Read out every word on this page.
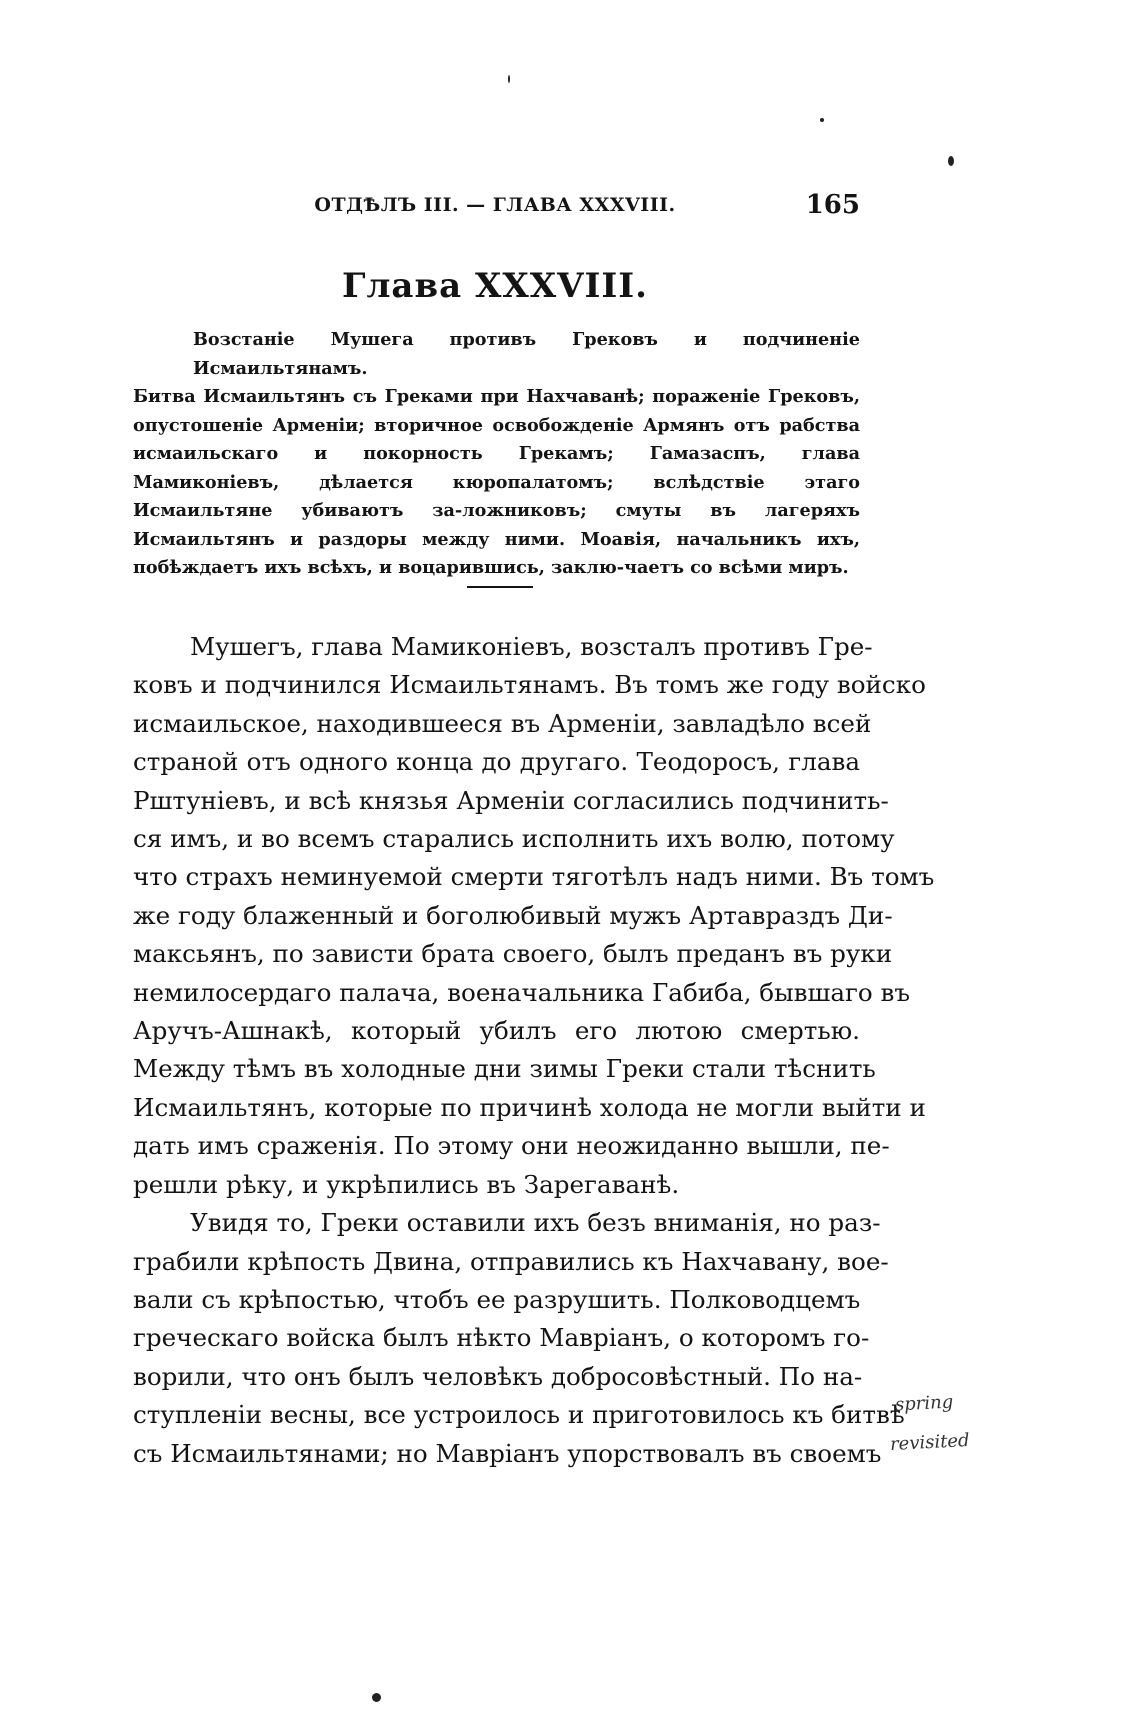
ОТДѢЛЪ III. — ГЛАВА XXXVIII.	165
Глава XXXVIII.
Возстаніе Мушега противъ Грековъ и подчиненіе Исмаильтянамъ. Битва Исмаильтянъ съ Греками при Нахчаванѣ; пораженіе Грековъ, опустошеніе Арменіи; вторичное освобожденіе Армянъ отъ рабства исмаильскаго и покорность Грекамъ; Гамазаспъ, глава Мамиконіевъ, дѣлается кюропалатомъ; вслѣдствіе этаго Исмаильтяне убиваютъ за-ложниковъ; смуты въ лагеряхъ Исмаильтянъ и раздоры между ними. Моавія, начальникъ ихъ, побѣждаетъ ихъ всѣхъ, и воцарившись, заклю-чаетъ со всѣми миръ.
Мушегъ, глава Мамиконіевъ, возсталъ противъ Гре-
ковъ и подчинился Исмаильтянамъ. Въ томъ же году войско
исмаильское, находившееся въ Арменіи, завладѣло всей
страной отъ одного конца до другаго. Теодоросъ, глава
Рштуніевъ, и всѣ князья Арменіи согласились подчинить-
ся имъ, и во всемъ старались исполнить ихъ волю, потому
что страхъ неминуемой смерти тяготѣлъ надъ ними. Въ томъ
же году блаженный и боголюбивый мужъ Артавраздъ Ди-
максьянъ, по зависти брата своего, былъ преданъ въ руки
немилосердаго палача, военачальника Габиба, бывшаго въ
Аручъ-Ашнакѣ, который убилъ его лютою смертью.
Между тѣмъ въ холодные дни зимы Греки стали тѣснить
Исмаильтянъ, которые по причинѣ холода не могли выйти и
дать имъ сраженія. По этому они неожиданно вышли, пе-
решли рѣку, и укрѣпились въ Зарегаванѣ.
Увидя то, Греки оставили ихъ безъ вниманія, но раз-
грабили крѣпость Двина, отправились къ Нахчавану, вое-
вали съ крѣпостью, чтобъ ее разрушить. Полководцемъ
греческаго войска былъ нѣкто Мавріанъ, о которомъ го-
ворили, что онъ былъ человѣкъ добросовѣстный. По на-
ступленіи весны, все устроилось и приготовилось къ битвѣ
съ Исмаильтянами; но Мавріанъ упорствовалъ въ своемъ
spring
revisited
